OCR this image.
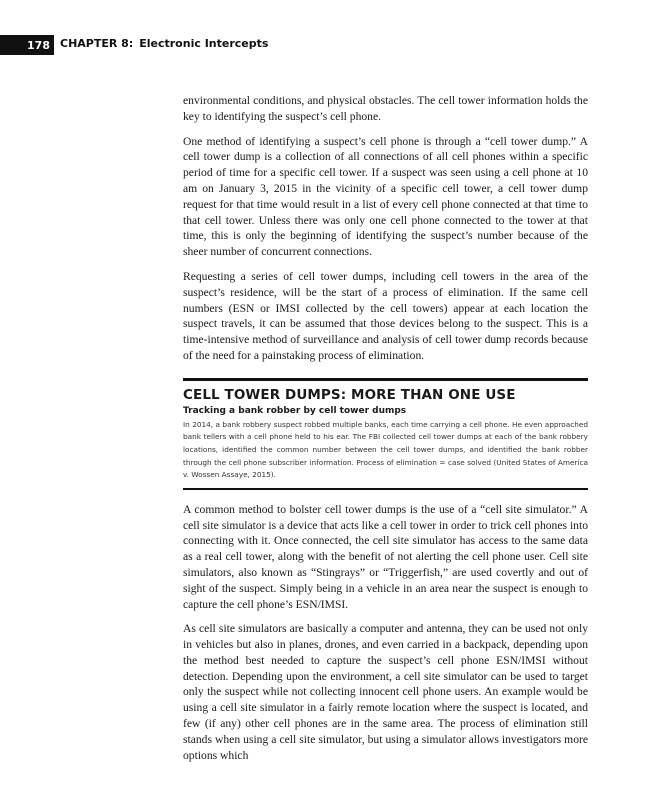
178 CHAPTER 8: Electronic Intercepts

environmental conditions, and physical obstacles. The cell tower information holds the key to identifying the suspect’s cell phone.

One method of identifying a suspect’s cell phone is through a “cell tower dump.” A cell tower dump is a collection of all connections of all cell phones within a specific period of time for a specific cell tower. If a suspect was seen using a cell phone at 10 am on January 3, 2015 in the vicinity of a specific cell tower, a cell tower dump request for that time would result in a list of every cell phone connected at that time to that cell tower. Unless there was only one cell phone connected to the tower at that time, this is only the beginning of identifying the suspect’s number because of the sheer number of concurrent connections.

Requesting a series of cell tower dumps, including cell towers in the area of the suspect’s residence, will be the start of a process of elimination. If the same cell numbers (ESN or IMSI collected by the cell towers) appear at each location the suspect travels, it can be assumed that those devices belong to the suspect. This is a time-intensive method of surveillance and analysis of cell tower dump records because of the need for a painstaking process of elimination.

CELL TOWER DUMPS: MORE THAN ONE USE
Tracking a bank robber by cell tower dumps

In 2014, a bank robbery suspect robbed multiple banks, each time carrying a cell phone. He even approached bank tellers with a cell phone held to his ear. The FBI collected cell tower dumps at each of the bank robbery locations, identified the common number between the cell tower dumps, and identified the bank robber through the cell phone subscriber information. Process of elimination = case solved (United States of America v. Wossen Assaye, 2015).

A common method to bolster cell tower dumps is the use of a “cell site simulator.” A cell site simulator is a device that acts like a cell tower in order to trick cell phones into connecting with it. Once connected, the cell site simulator has access to the same data as a real cell tower, along with the benefit of not alerting the cell phone user. Cell site simulators, also known as “Stingrays” or “Triggerfish,” are used covertly and out of sight of the suspect. Simply being in a vehicle in an area near the suspect is enough to capture the cell phone’s ESN/IMSI.

As cell site simulators are basically a computer and antenna, they can be used not only in vehicles but also in planes, drones, and even carried in a backpack, depending upon the method best needed to capture the suspect’s cell phone ESN/IMSI without detection. Depending upon the environment, a cell site simulator can be used to target only the suspect while not collecting innocent cell phone users. An example would be using a cell site simulator in a fairly remote location where the suspect is located, and few (if any) other cell phones are in the same area. The process of elimination still stands when using a cell site simulator, but using a simulator allows investigators more options which
